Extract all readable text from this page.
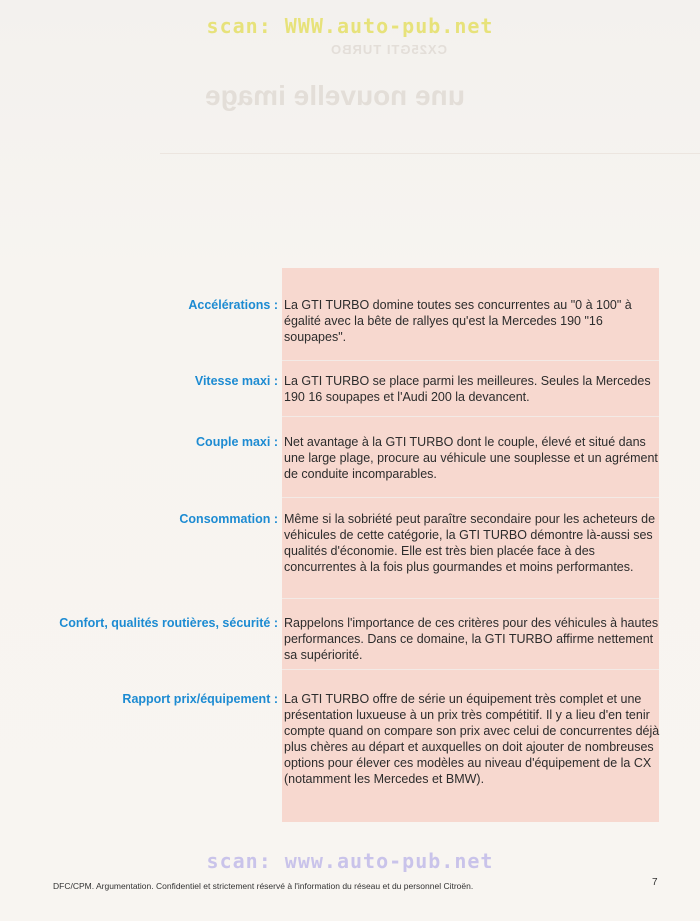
scan: WWW.auto-pub.net
CX25GTI TURBO
une nouvelle image
Accélérations : La GTI TURBO domine toutes ses concurrentes au "0 à 100" à égalité avec la bête de rallyes qu'est la Mercedes 190 "16 soupapes".
Vitesse maxi : La GTI TURBO se place parmi les meilleures. Seules la Mercedes 190 16 soupapes et l'Audi 200 la devancent.
Couple maxi : Net avantage à la GTI TURBO dont le couple, élevé et situé dans une large plage, procure au véhicule une souplesse et un agrément de conduite incomparables.
Consommation : Même si la sobriété peut paraître secondaire pour les acheteurs de véhicules de cette catégorie, la GTI TURBO démontre là-aussi ses qualités d'économie. Elle est très bien placée face à des concurrentes à la fois plus gourmandes et moins performantes.
Confort, qualités routières, sécurité : Rappelons l'importance de ces critères pour des véhicules à hautes performances. Dans ce domaine, la GTI TURBO affirme nettement sa supériorité.
Rapport prix/équipement : La GTI TURBO offre de série un équipement très complet et une présentation luxueuse à un prix très compétitif. Il y a lieu d'en tenir compte quand on compare son prix avec celui de concurrentes déjà plus chères au départ et auxquelles on doit ajouter de nombreuses options pour élever ces modèles au niveau d'équipement de la CX (notamment les Mercedes et BMW).
scan: www.auto-pub.net
DFC/CPM. Argumentation. Confidentiel et strictement réservé à l'information du réseau et du personnel Citroën.	7
